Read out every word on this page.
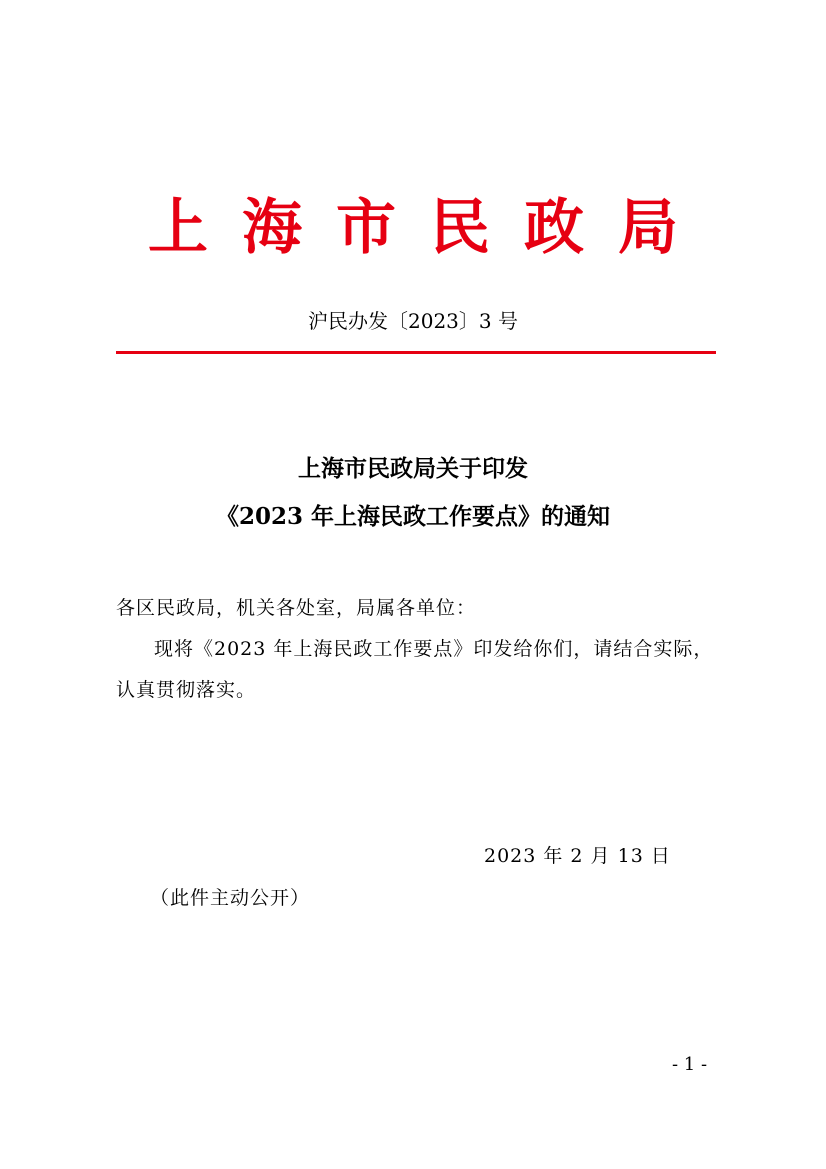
上海市民政局
沪民办发〔2023〕3 号
上海市民政局关于印发
《2023 年上海民政工作要点》的通知
各区民政局，机关各处室，局属各单位：
现将《2023 年上海民政工作要点》印发给你们，请结合实际，
认真贯彻落实。
2023 年 2 月 13 日
（此件主动公开）
- 1 -
